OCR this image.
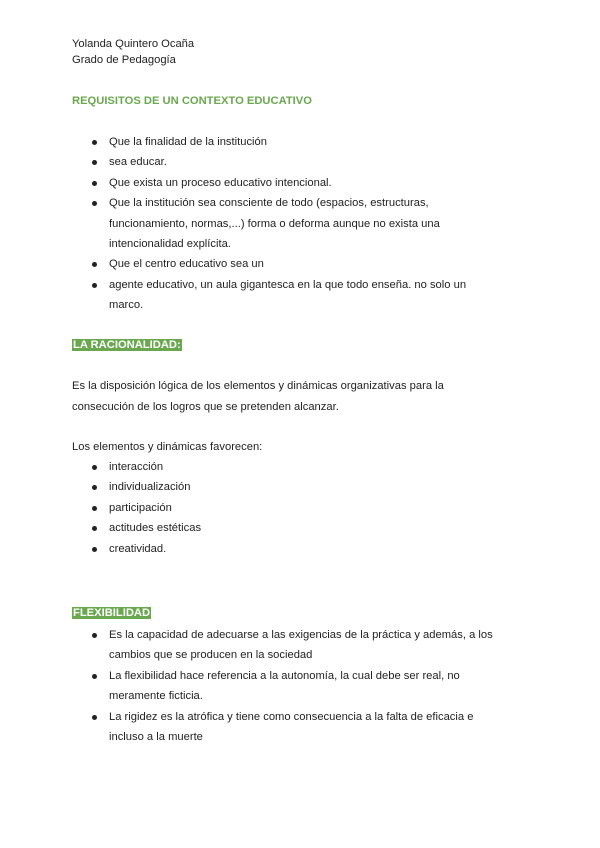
Yolanda Quintero Ocaña
Grado de Pedagogía
REQUISITOS DE UN CONTEXTO EDUCATIVO
Que la finalidad de la institución
sea educar.
Que exista un proceso educativo intencional.
Que la institución sea consciente de todo (espacios, estructuras,
funcionamiento, normas,...) forma o deforma aunque no exista una
intencionalidad explícita.
Que el centro educativo sea un
agente educativo, un aula gigantesca en la que todo enseña. no solo un
marco.
LA RACIONALIDAD:
Es la disposición lógica de los elementos y dinámicas organizativas para la
consecución de los logros que se pretenden alcanzar.
Los elementos y dinámicas favorecen:
interacción
individualización
participación
actitudes estéticas
creatividad.
FLEXIBILIDAD
Es la capacidad de adecuarse a las exigencias de la práctica y además, a los
cambios que se producen en la sociedad
La flexibilidad hace referencia a la autonomía, la cual debe ser real, no
meramente ficticia.
La rigidez es la atrófica y tiene como consecuencia a la falta de eficacia e
incluso a la muerte
